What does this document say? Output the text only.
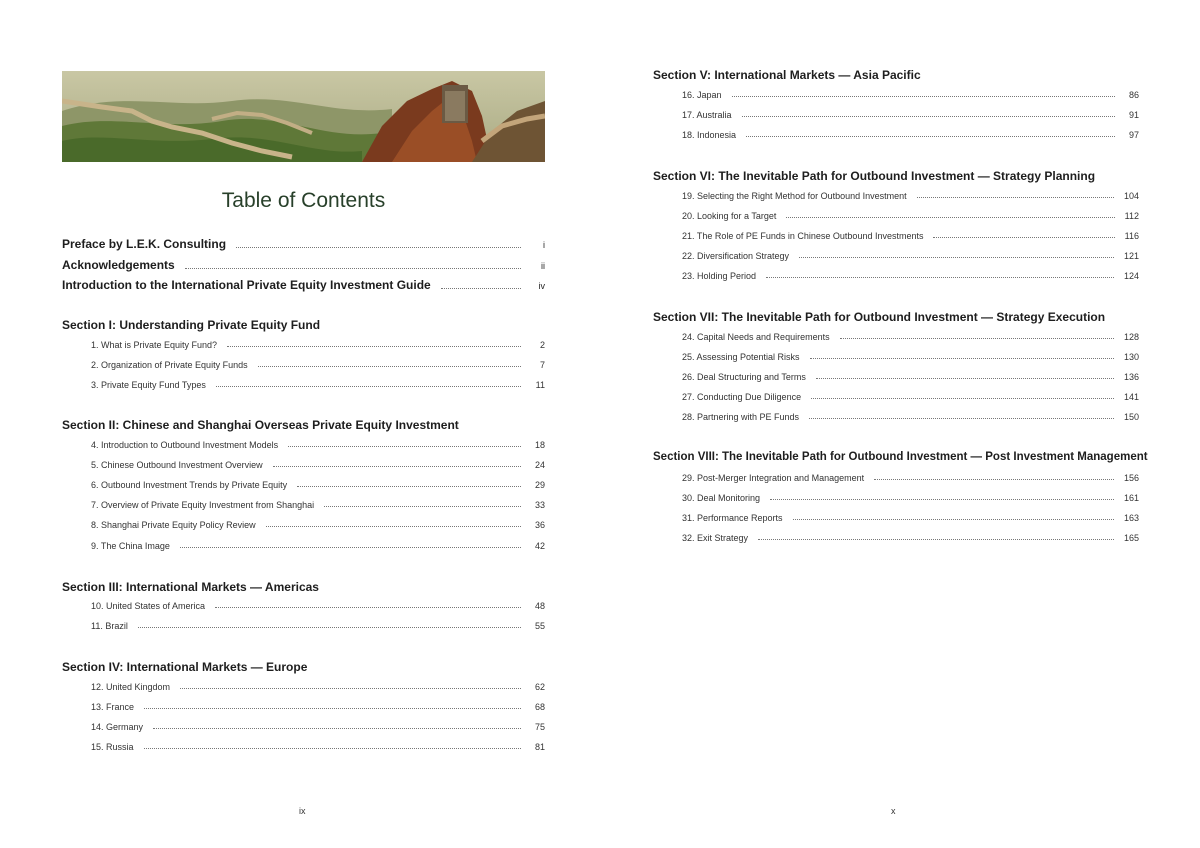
Table of Contents
Preface by L.E.K. Consulting	i
Acknowledgements	ii
Introduction to the International Private Equity Investment Guide	iv
Section I: Understanding Private Equity Fund
1. What is Private Equity Fund?	2
2. Organization of Private Equity Funds	7
3. Private Equity Fund Types	11
Section II: Chinese and Shanghai Overseas Private Equity Investment
4. Introduction to Outbound Investment Models	18
5. Chinese Outbound Investment Overview	24
6. Outbound Investment Trends by Private Equity	29
7. Overview of Private Equity Investment from Shanghai	33
8. Shanghai Private Equity Policy Review	36
9. The China Image	42
Section III: International Markets — Americas
10. United States of America	48
11. Brazil	55
Section IV: International Markets — Europe
12. United Kingdom	62
13. France	68
14. Germany	75
15. Russia	81
ix
Section V: International Markets — Asia Pacific
16. Japan	86
17. Australia	91
18. Indonesia	97
Section VI: The Inevitable Path for Outbound Investment — Strategy Planning
19. Selecting the Right Method for Outbound Investment	104
20. Looking for a Target	112
21. The Role of PE Funds in Chinese Outbound Investments	116
22. Diversification Strategy	121
23. Holding Period	124
Section VII: The Inevitable Path for Outbound Investment — Strategy Execution
24. Capital Needs and Requirements	128
25. Assessing Potential Risks	130
26. Deal Structuring and Terms	136
27. Conducting Due Diligence	141
28. Partnering with PE Funds	150
Section VIII: The Inevitable Path for Outbound Investment — Post Investment Management
29. Post-Merger Integration and Management	156
30. Deal Monitoring	161
31. Performance Reports	163
32. Exit Strategy	165
x
